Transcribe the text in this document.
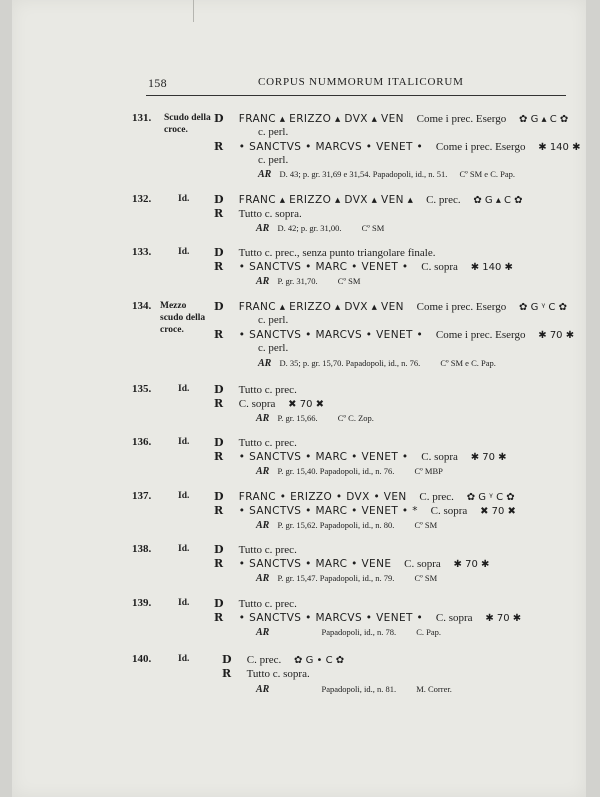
158	CORPUS NUMMORUM ITALICORUM
131. Scudo della croce.
D FRANC ▴ ERIZZO ▴ DVX ▴ VEN Come i prec. Esergo ✿ G ▴ C ✿
c. perl.
R • SANCTVS • MARCVS • VENET • Come i prec. Esergo ✱ 140 ✱
c. perl.
AR D. 43; p. gr. 31,69 e 31,54. Papadopoli, id., n. 51. Cº SM e C. Pap.
132.	Id. D FRANC ▴ ERIZZO ▴ DVX ▴ VEN ▴ C. prec. ✿ G ▴ C ✿
R Tutto c. sopra.
AR D. 42; p. gr. 31,00. Cº SM
133.	Id. D Tutto c. prec., senza punto triangolare finale.
R • SANCTVS • MARC • VENET • C. sopra ✱ 140 ✱
AR P. gr. 31,70. Cº SM
134. Mezzo scudo della croce.
D FRANC ▴ ERIZZO ▴ DVX ▴ VEN Come i prec. Esergo ✿ G ᵞ C ✿
c. perl.
R • SANCTVS • MARCVS • VENET • Come i prec. Esergo ✱ 70 ✱
c. perl.
AR D. 35; p. gr. 15,70. Papadopoli, id., n. 76. Cº SM e C. Pap.
135.	Id. D Tutto c. prec.
R C. sopra ✖ 70 ✖
AR P. gr. 15,66. Cº C. Zop.
136.	Id. D Tutto c. prec.
R • SANCTVS • MARC • VENET • C. sopra ✱ 70 ✱
AR P. gr. 15,40. Papadopoli, id., n. 76. Cº MBP
137.	Id. D FRANC • ERIZZO • DVX • VEN C. prec. ✿ G ᵞ C ✿
R • SANCTVS • MARC • VENET • * C. sopra ✖ 70 ✖
AR P. gr. 15,62. Papadopoli, id., n. 80. Cº SM
138.	Id. D Tutto c. prec.
R • SANCTVS • MARC • VENE C. sopra ✱ 70 ✱
AR P. gr. 15,47. Papadopoli, id., n. 79. Cº SM
139.	Id. D Tutto c. prec.
R • SANCTVS • MARCVS • VENET • C. sopra ✱ 70 ✱
AR	Papadopoli, id., n. 78. C. Pap.
140.	Id.	D C. prec. ✿ G • C ✿
R Tutto c. sopra.
AR	Papadopoli, id., n. 81. M. Correr.
